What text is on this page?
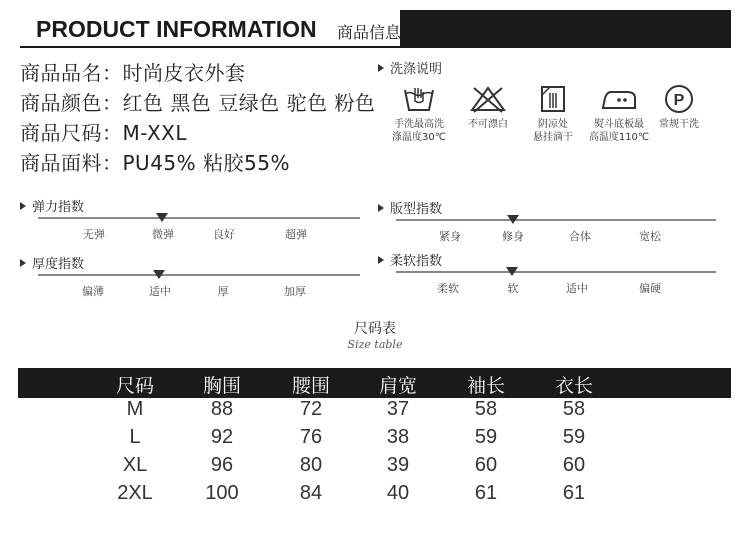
PRODUCT INFORMATION 商品信息
商品品名：时尚皮衣外套
商品颜色：红色 黑色 豆绿色 驼色 粉色
商品尺码：M-XXL
商品面料：PU45% 粘胶55%
洗涤说明
手洗最高洗
涤温度30℃
不可漂白	阴凉处
悬挂滴干
熨斗底板最
高温度110℃
P
常规干洗
弹力指数
无弹	微弹	良好	超弹
版型指数
紧身	修身	合体	宽松
厚度指数
偏薄	适中	厚	加厚
柔软指数
柔软	软	适中	偏硬
尺码表
Size table
尺码	胸围	腰围	肩宽	袖长	衣长
M	88	72	37	58	58
L	92	76	38	59	59
XL	96	80	39	60	60
2XL	100	84	40	61	61
